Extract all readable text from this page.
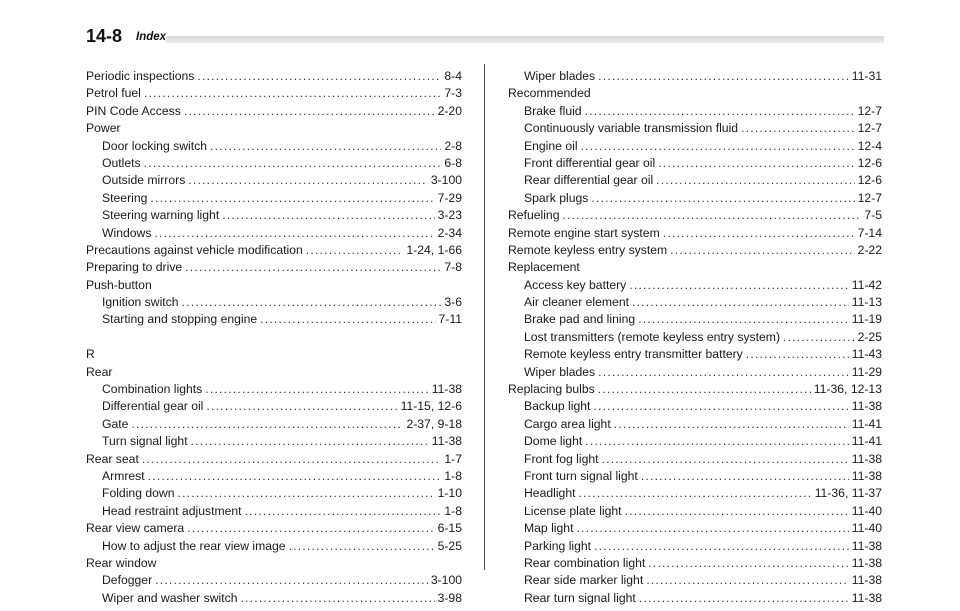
14-8 Index
Periodic inspections .....	8-4
Petrol fuel .....	7-3
PIN Code Access .....	2-20
Power
Door locking switch .....	2-8
Outlets .....	6-8
Outside mirrors .....	3-100
Steering .....	7-29
Steering warning light .....	3-23
Windows .....	2-34
Precautions against vehicle modification .....	1-24, 1-66
Preparing to drive .....	7-8
Push-button
Ignition switch .....	3-6
Starting and stopping engine .....	7-11
R
Rear
Combination lights .....	11-38
Differential gear oil .....	11-15, 12-6
Gate .....	2-37, 9-18
Turn signal light .....	11-38
Rear seat .....	1-7
Armrest .....	1-8
Folding down .....	1-10
Head restraint adjustment .....	1-8
Rear view camera .....	6-15
How to adjust the rear view image .....	5-25
Rear window
Defogger .....	3-100
Wiper and washer switch .....	3-98
Wiper blades .....	11-31
Recommended
Brake fluid .....	12-7
Continuously variable transmission fluid .....	12-7
Engine oil .....	12-4
Front differential gear oil .....	12-6
Rear differential gear oil .....	12-6
Spark plugs .....	12-7
Refueling .....	7-5
Remote engine start system .....	7-14
Remote keyless entry system .....	2-22
Replacement
Access key battery .....	11-42
Air cleaner element .....	11-13
Brake pad and lining .....	11-19
Lost transmitters (remote keyless entry system) .....	2-25
Remote keyless entry transmitter battery .....	11-43
Wiper blades .....	11-29
Replacing bulbs .....	11-36, 12-13
Backup light .....	11-38
Cargo area light .....	11-41
Dome light .....	11-41
Front fog light .....	11-38
Front turn signal light .....	11-38
Headlight .....	11-36, 11-37
License plate light .....	11-40
Map light .....	11-40
Parking light .....	11-38
Rear combination light .....	11-38
Rear side marker light .....	11-38
Rear turn signal light .....	11-38
